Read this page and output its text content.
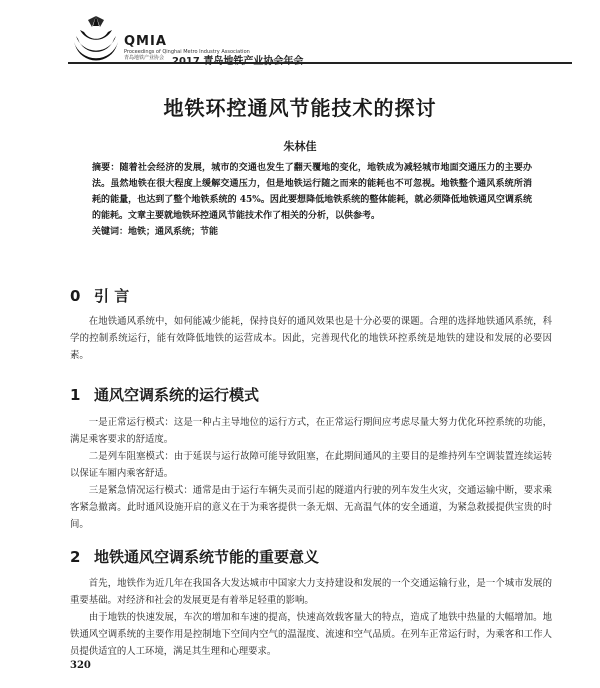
QMIA
Proceedings of Qinghai Metro Industry Association
青岛地铁产业协会
地铁环控通风节能技术的探讨
朱林佳

摘要：随着社会经济的发展，城市的交通也发生了翻天覆地的变化，地铁成为减轻城市地面交通压力的主要办法。虽然地铁在很大程度上缓解交通压力，但是地铁运行随之而来的能耗也不可忽视。地铁整个通风系统所消耗的能量，也达到了整个地铁系统的 45%。因此要想降低地铁系统的整体能耗，就必须降低地铁通风空调系统的能耗。文章主要就地铁环控通风节能技术作了相关的分析，以供参考。

关键词：地铁；通风系统；节能

0 引 言

在地铁通风系统中，如何能减少能耗，保持良好的通风效果也是十分必要的课题。合理的选择地铁通风系统，科学的控制系统运行，能有效降低地铁的运营成本。因此，完善现代化的地铁环控系统是地铁的建设和发展的必要因素。

1 通风空调系统的运行模式

一是正常运行模式：这是一种占主导地位的运行方式，在正常运行期间应考虑尽量大努力优化环控系统的功能，满足乘客要求的舒适度。

二是列车阻塞模式：由于延误与运行故障可能导致阻塞，在此期间通风的主要目的是维持列车空调装置连续运转以保证车厢内乘客舒适。

三是紧急情况运行模式：通常是由于运行车辆失灵而引起的隧道内行驶的列车发生火灾，交通运输中断，要求乘客紧急撤离。此时通风设施开启的意义在于为乘客提供一条无烟、无高温气体的安全通道，为紧急救援提供宝贵的时间。

2 地铁通风空调系统节能的重要意义

首先，地铁作为近几年在我国各大发达城市中国家大力支持建设和发展的一个交通运输行业，是一个城市发展的重要基础。对经济和社会的发展更是有着举足轻重的影响。

由于地铁的快速发展，车次的增加和车速的提高，快速高效载客量大的特点，造成了地铁中热量的大幅增加。地铁通风空调系统的主要作用是控制地下空间内空气的温湿度、流速和空气品质。在列车正常运行时，为乘客和工作人员提供适宜的人工环境，满足其生理和心理要求。

320
